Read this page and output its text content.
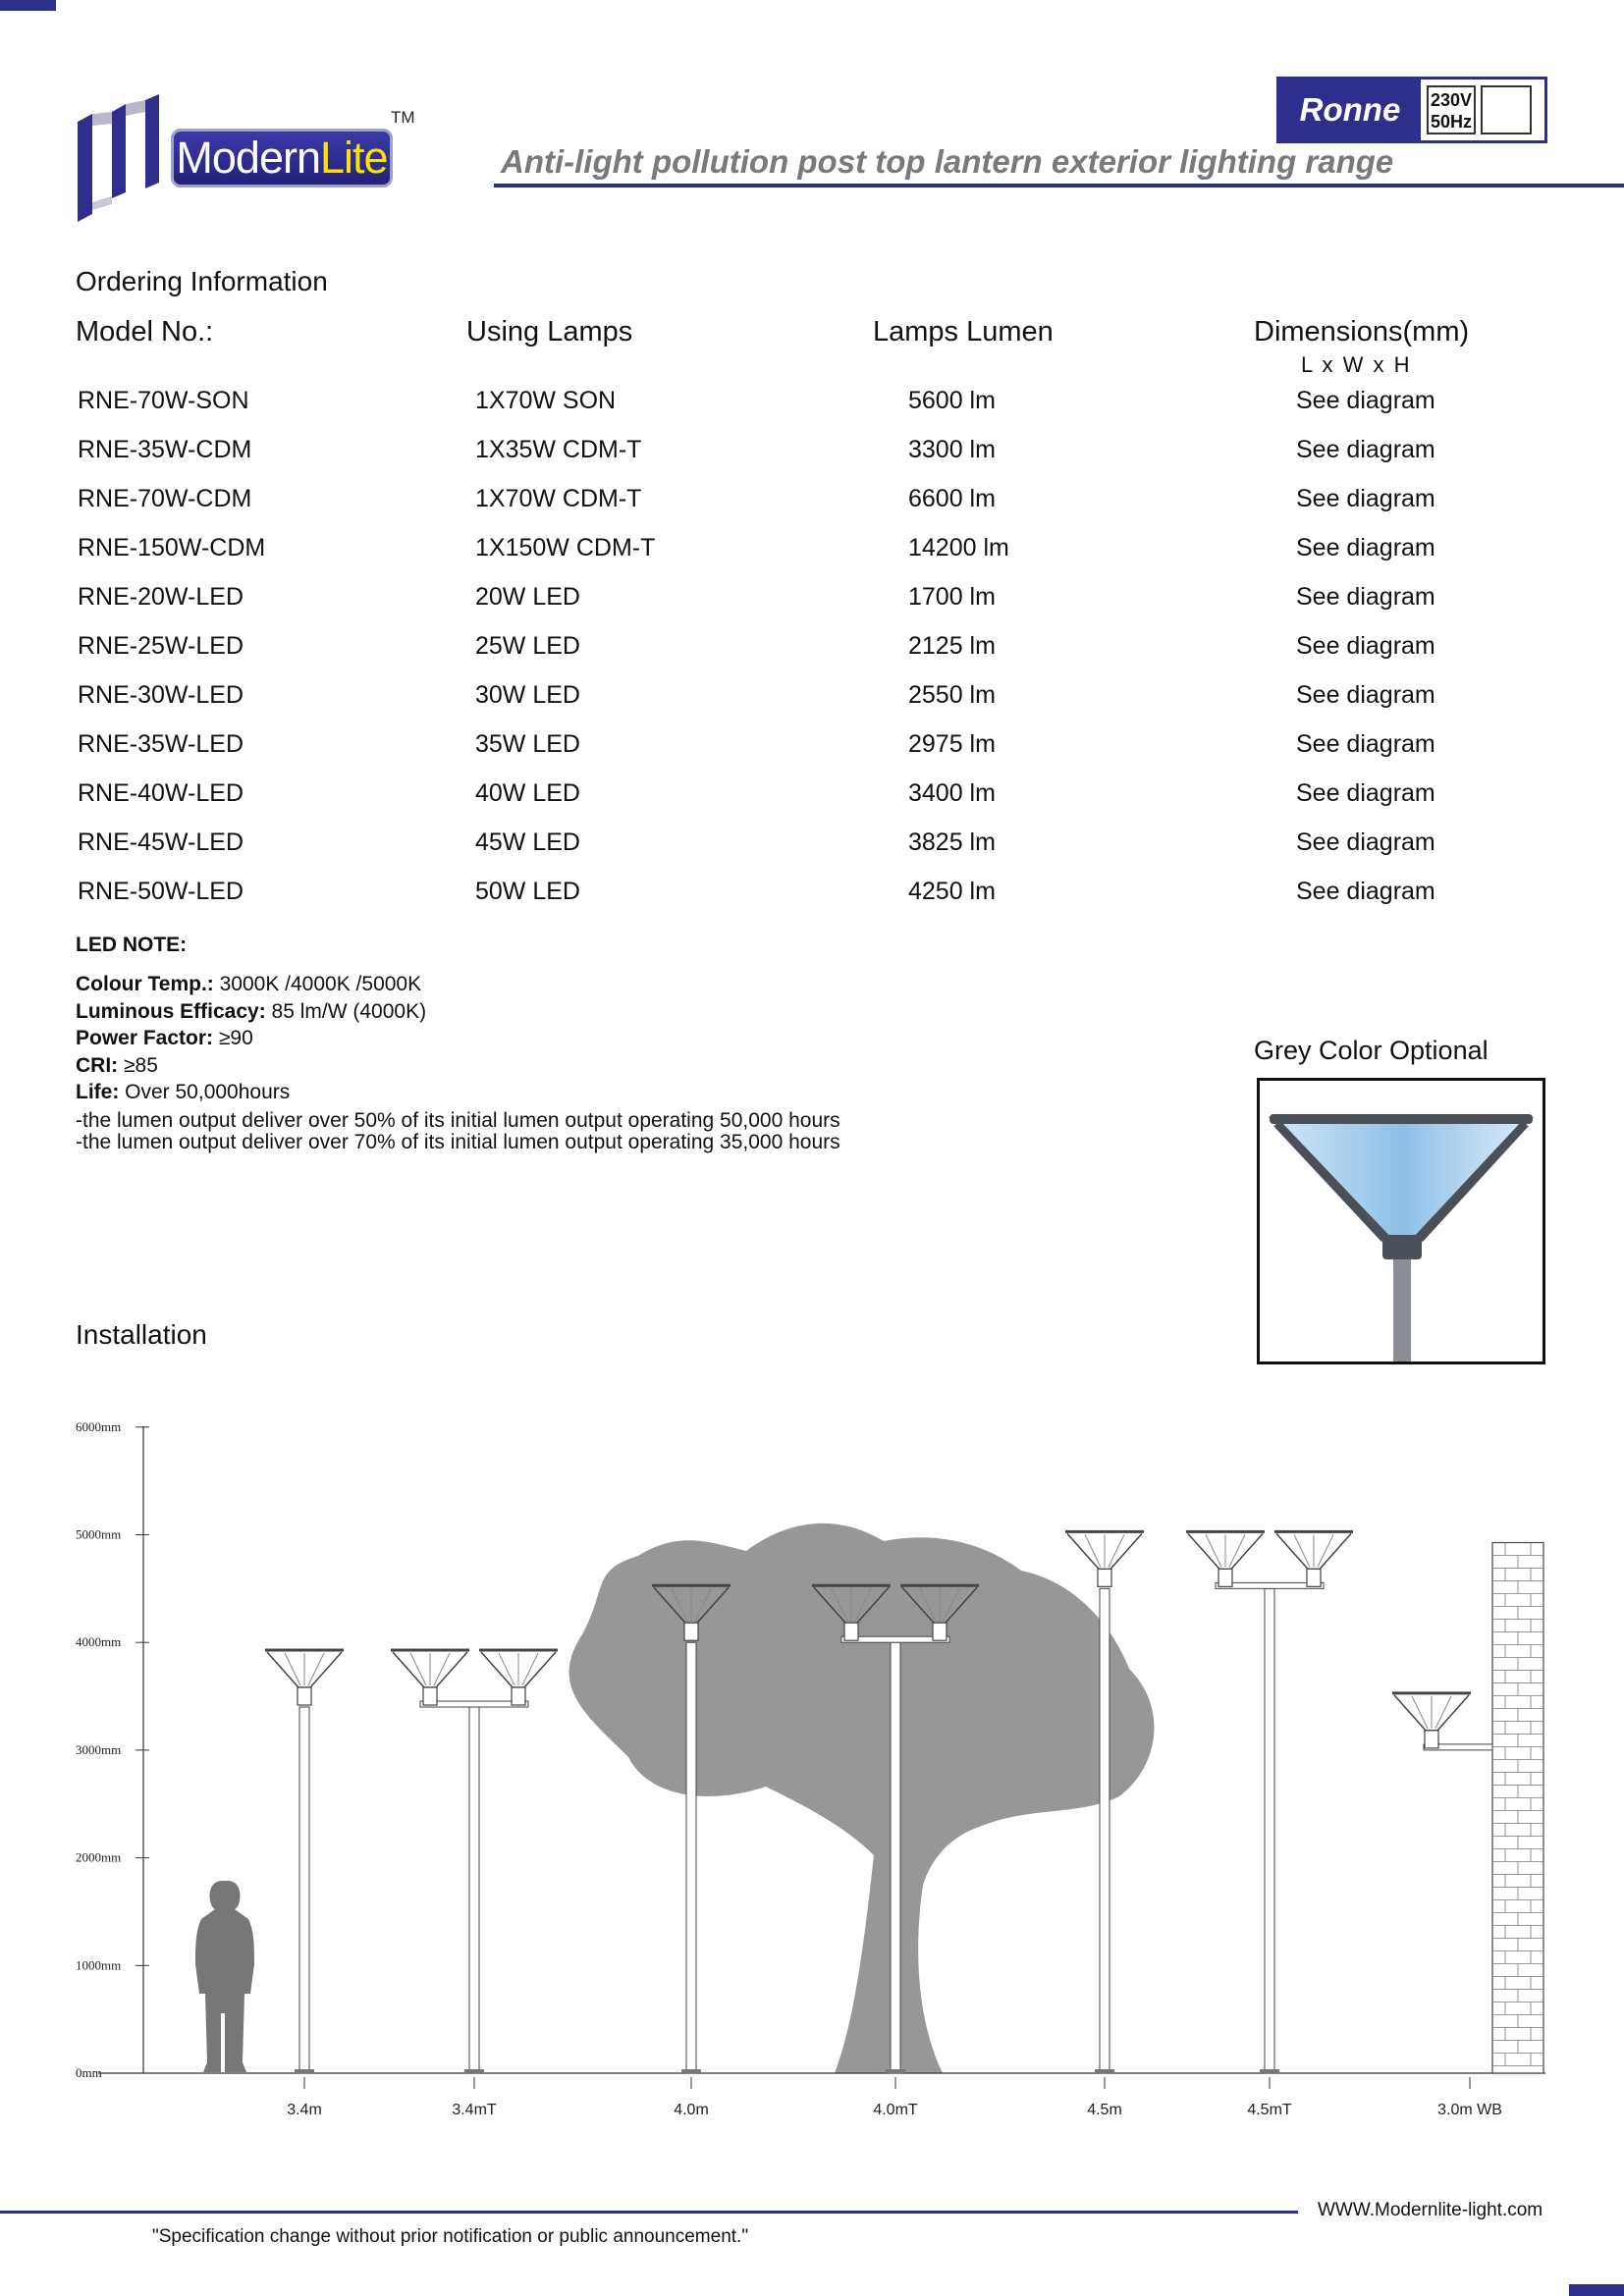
ModernLite
TM	Ronne	230V
50Hz
Anti-light pollution post top lantern exterior lighting range
Ordering Information
Model No.:	Using Lamps	Lamps Lumen	Dimensions(mm)
L x W x H
RNE-70W-SON	1X70W SON	5600 lm	See diagram
RNE-35W-CDM	1X35W CDM-T	3300 lm	See diagram
RNE-70W-CDM	1X70W CDM-T	6600 lm	See diagram
RNE-150W-CDM	1X150W CDM-T	14200 lm	See diagram
RNE-20W-LED	20W LED	1700 lm	See diagram
RNE-25W-LED	25W LED	2125 lm	See diagram
RNE-30W-LED	30W LED	2550 lm	See diagram
RNE-35W-LED	35W LED	2975 lm	See diagram
RNE-40W-LED	40W LED	3400 lm	See diagram
RNE-45W-LED	45W LED	3825 lm	See diagram
RNE-50W-LED	50W LED	4250 lm	See diagram
LED NOTE:
Colour Temp.: 3000K /4000K /5000K
Luminous Efficacy: 85 lm/W (4000K)
Power Factor: ≥90
CRI: ≥85
Life: Over 50,000hours
-the lumen output deliver over 50% of its initial lumen output operating 50,000 hours
-the lumen output deliver over 70% of its initial lumen output operating 35,000 hours
Grey Color Optional
Installation
0mm
1000mm
2000mm
3000mm
4000mm
5000mm
6000mm
3.4m	3.4mT	4.0m	4.0mT	4.5m	4.5mT	3.0m WB
WWW.Modernlite-light.com
"Specification change without prior notification or public announcement."
